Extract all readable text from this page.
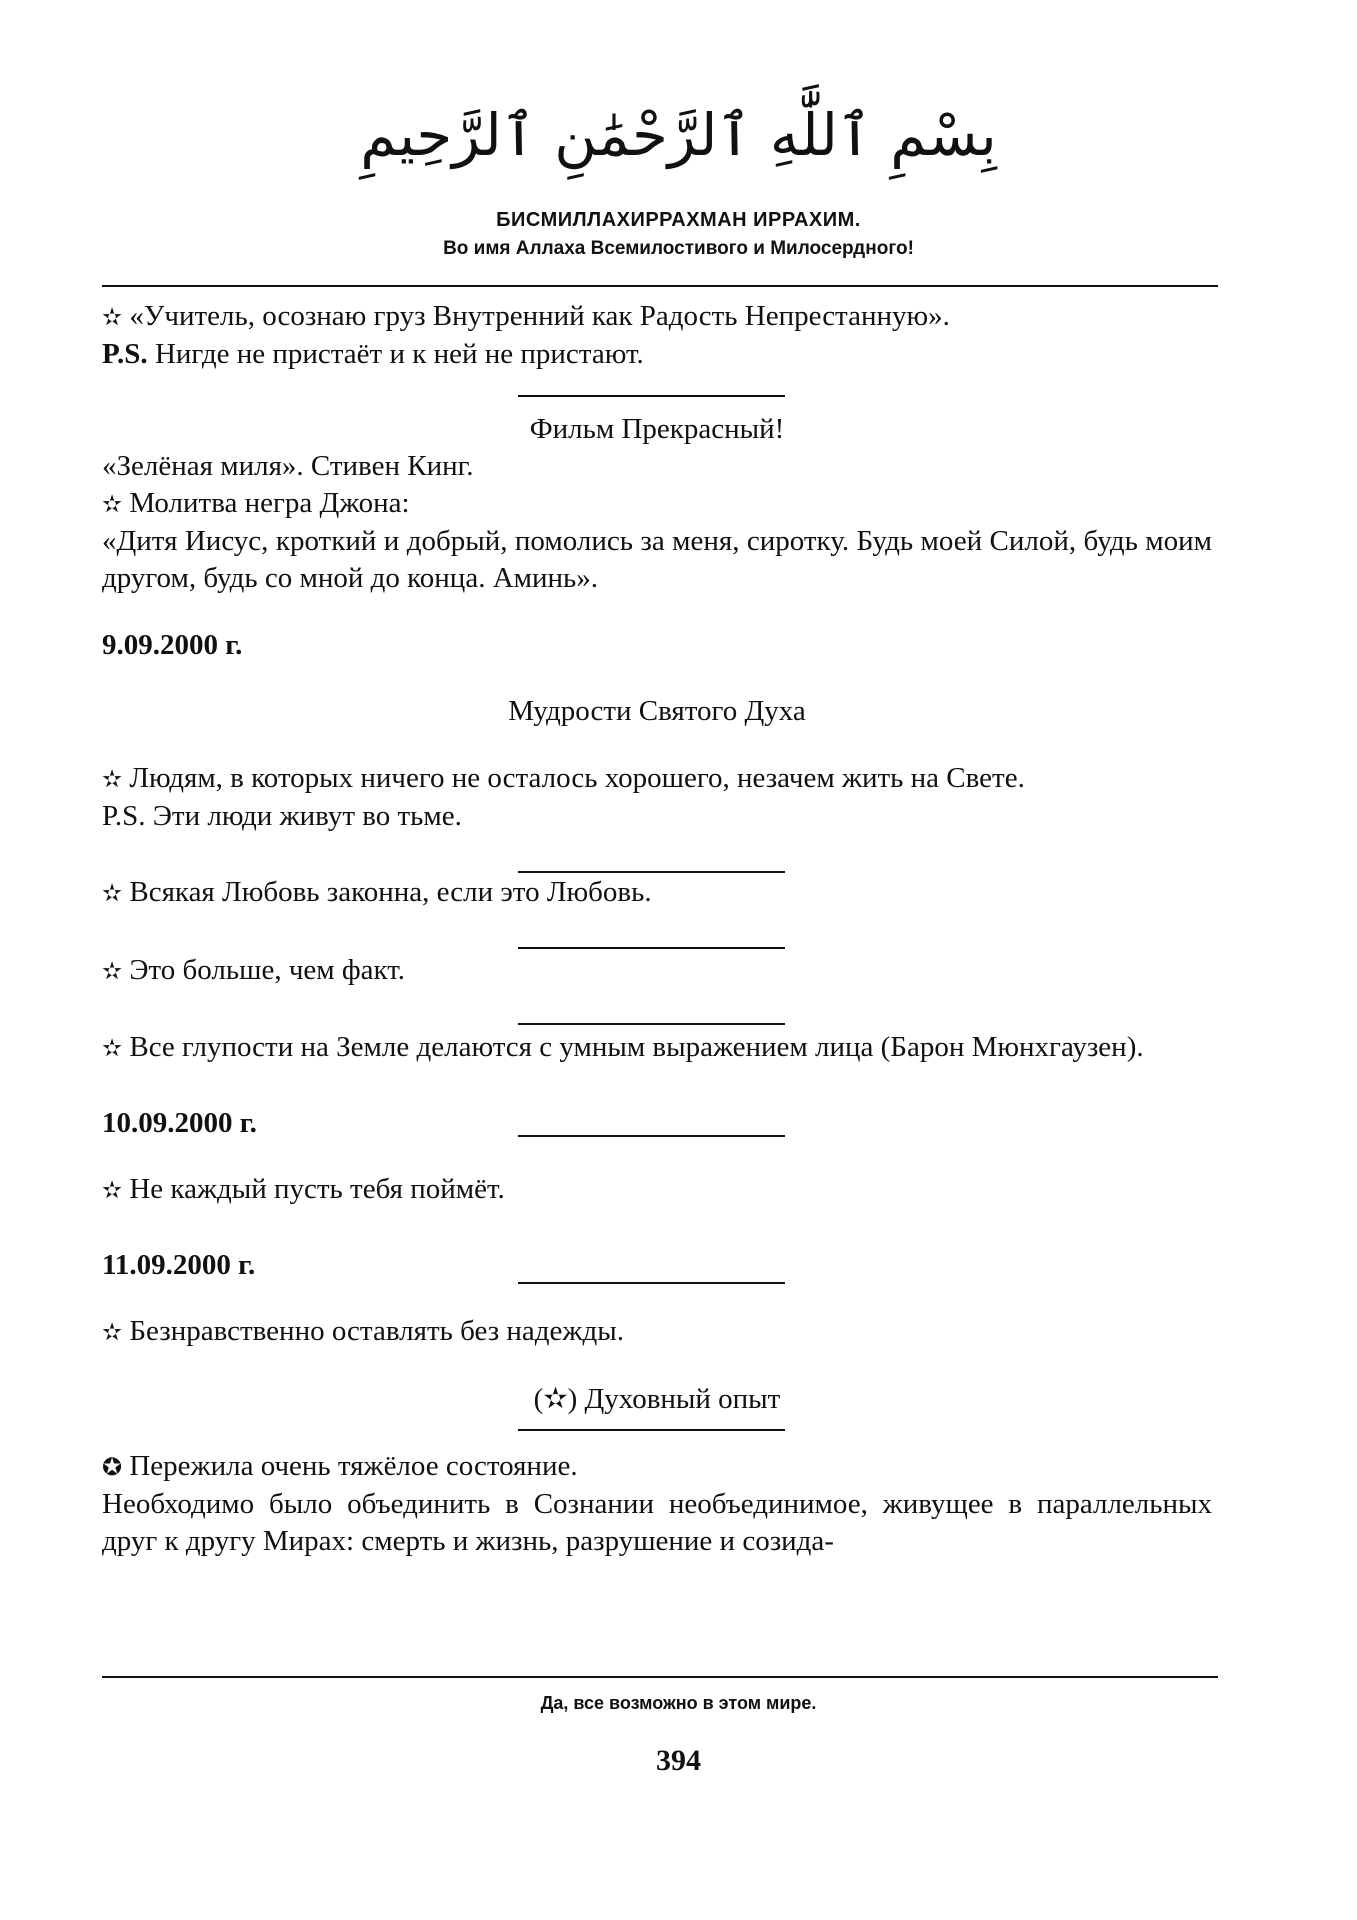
بِسْمِ ٱللَّٰهِ ٱلرَّحْمَٰنِ ٱلرَّحِيمِ
БИСМИЛЛАХИРРАХМАН ИРРАХИМ.
Во имя Аллаха Всемилостивого и Милосердного!

✫ «Учитель, осознаю груз Внутренний как Радость Непрестанную».

P.S. Нигде не пристаёт и к ней не пристают.

Фильм Прекрасный!

«Зелёная миля». Стивен Кинг.

✫ Молитва негра Джона:

«Дитя Иисус, кроткий и добрый, помолись за меня, сиротку. Будь моей Силой, будь моим другом, будь со мной до конца. Аминь».

9.09.2000 г.

Мудрости Святого Духа

✫ Людям, в которых ничего не осталось хорошего, незачем жить на Свете.

P.S. Эти люди живут во тьме.

✫ Всякая Любовь законна, если это Любовь.

✫ Это больше, чем факт.

✫ Все глупости на Земле делаются с умным выражением лица (Барон Мюнхгаузен).

10.09.2000 г.

✫ Не каждый пусть тебя поймёт.

11.09.2000 г.

✫ Безнравственно оставлять без надежды.

(✫) Духовный опыт

✪ Пережила очень тяжёлое состояние.

Необходимо было объединить в Сознании необъединимое, живущее в параллельных друг к другу Мирах: смерть и жизнь, разрушение и созида-

Да, все возможно в этом мире.
394
